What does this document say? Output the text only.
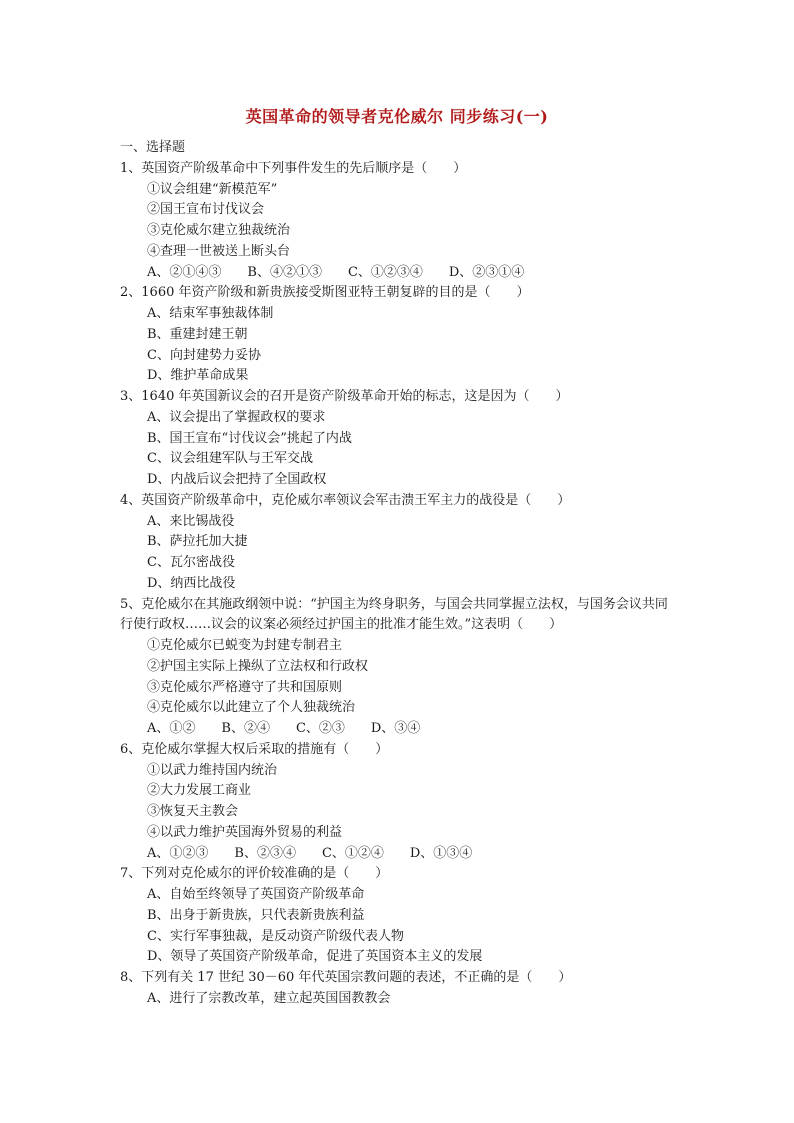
英国革命的领导者克伦威尔 同步练习(一)
一、选择题
1、英国资产阶级革命中下列事件发生的先后顺序是（　　）
①议会组建“新模范军”
②国王宣布讨伐议会
③克伦威尔建立独裁统治
④查理一世被送上断头台
A、②①④③　　B、④②①③　　C、①②③④　　D、②③①④
2、1660 年资产阶级和新贵族接受斯图亚特王朝复辟的目的是（　　）
A、结束军事独裁体制
B、重建封建王朝
C、向封建势力妥协
D、维护革命成果
3、1640 年英国新议会的召开是资产阶级革命开始的标志，这是因为（　　）
A、议会提出了掌握政权的要求
B、国王宣布“讨伐议会”挑起了内战
C、议会组建军队与王军交战
D、内战后议会把持了全国政权
4、英国资产阶级革命中，克伦威尔率领议会军击溃王军主力的战役是（　　）
A、来比锡战役
B、萨拉托加大捷
C、瓦尔密战役
D、纳西比战役
5、克伦威尔在其施政纲领中说：“护国主为终身职务，与国会共同掌握立法权，与国务会议共同行使行政权……议会的议案必须经过护国主的批准才能生效。”这表明（　　）
①克伦威尔已蜕变为封建专制君主
②护国主实际上操纵了立法权和行政权
③克伦威尔严格遵守了共和国原则
④克伦威尔以此建立了个人独裁统治
A、①②　　B、②④　　C、②③　　D、③④
6、克伦威尔掌握大权后采取的措施有（　　）
①以武力维持国内统治
②大力发展工商业
③恢复天主教会
④以武力维护英国海外贸易的利益
A、①②③　　B、②③④　　C、①②④　　D、①③④
7、下列对克伦威尔的评价较准确的是（　　）
A、自始至终领导了英国资产阶级革命
B、出身于新贵族，只代表新贵族利益
C、实行军事独裁，是反动资产阶级代表人物
D、领导了英国资产阶级革命，促进了英国资本主义的发展
8、下列有关 17 世纪 30－60 年代英国宗教问题的表述，不正确的是（　　）
A、进行了宗教改革，建立起英国国教教会
